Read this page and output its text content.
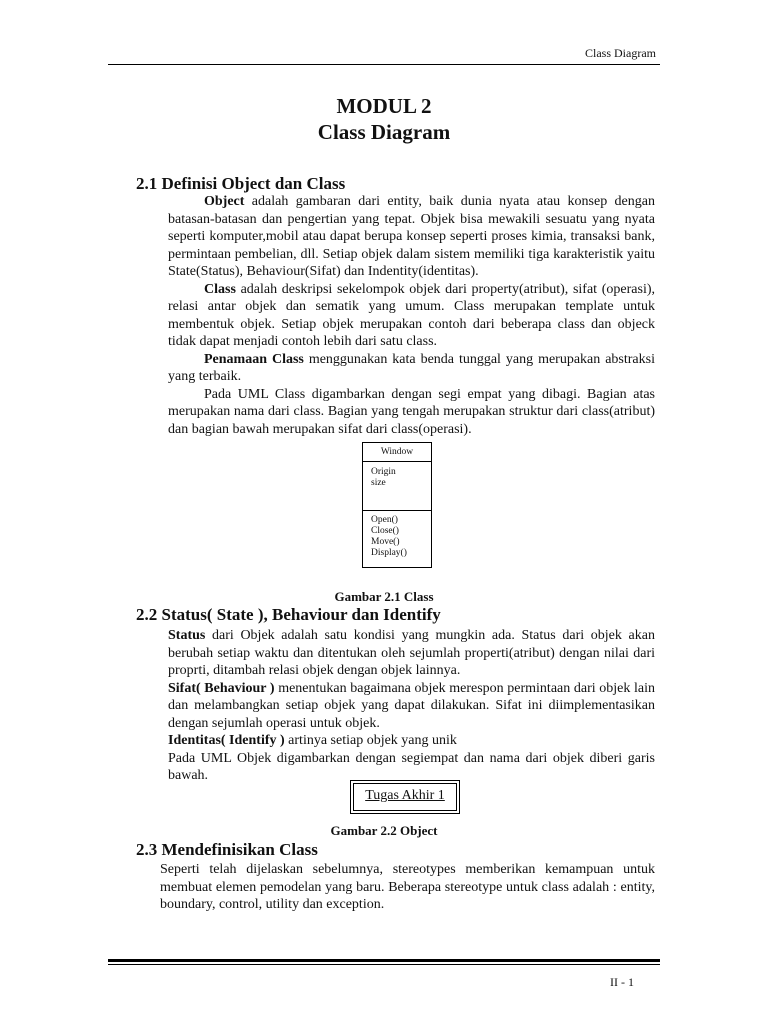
Class Diagram
MODUL 2
Class Diagram
2.1 Definisi Object dan Class

Object adalah gambaran dari entity, baik dunia nyata atau konsep dengan batasan-batasan dan pengertian yang tepat. Objek bisa mewakili sesuatu yang nyata seperti komputer,mobil atau dapat berupa konsep seperti proses kimia, transaksi bank, permintaan pembelian, dll. Setiap objek dalam sistem memiliki tiga karakteristik yaitu State(Status), Behaviour(Sifat) dan Indentity(identitas).

Class adalah deskripsi sekelompok objek dari property(atribut), sifat (operasi), relasi antar objek dan sematik yang umum. Class merupakan template untuk membentuk objek. Setiap objek merupakan contoh dari beberapa class dan objeck tidak dapat menjadi contoh lebih dari satu class.

Penamaan Class menggunakan kata benda tunggal yang merupakan abstraksi yang terbaik.

Pada UML Class digambarkan dengan segi empat yang dibagi. Bagian atas merupakan nama dari class. Bagian yang tengah merupakan struktur dari class(atribut) dan bagian bawah merupakan sifat dari class(operasi).

Window
Origin
size
Open()
Close()
Move()
Display()
Gambar 2.1 Class
2.2 Status( State ), Behaviour dan Identify

Status dari Objek adalah satu kondisi yang mungkin ada. Status dari objek akan berubah setiap waktu dan ditentukan oleh sejumlah properti(atribut) dengan nilai dari proprti, ditambah relasi objek dengan objek lainnya.

Sifat( Behaviour ) menentukan bagaimana objek merespon permintaan dari objek lain dan melambangkan setiap objek yang dapat dilakukan. Sifat ini diimplementasikan dengan sejumlah operasi untuk objek.

Identitas( Identify ) artinya setiap objek yang unik

Pada UML Objek digambarkan dengan segiempat dan nama dari objek diberi garis bawah.

Tugas Akhir 1
Gambar 2.2 Object
2.3 Mendefinisikan Class

Seperti telah dijelaskan sebelumnya, stereotypes memberikan kemampuan untuk membuat elemen pemodelan yang baru. Beberapa stereotype untuk class adalah : entity, boundary, control, utility dan exception.

II - 1
